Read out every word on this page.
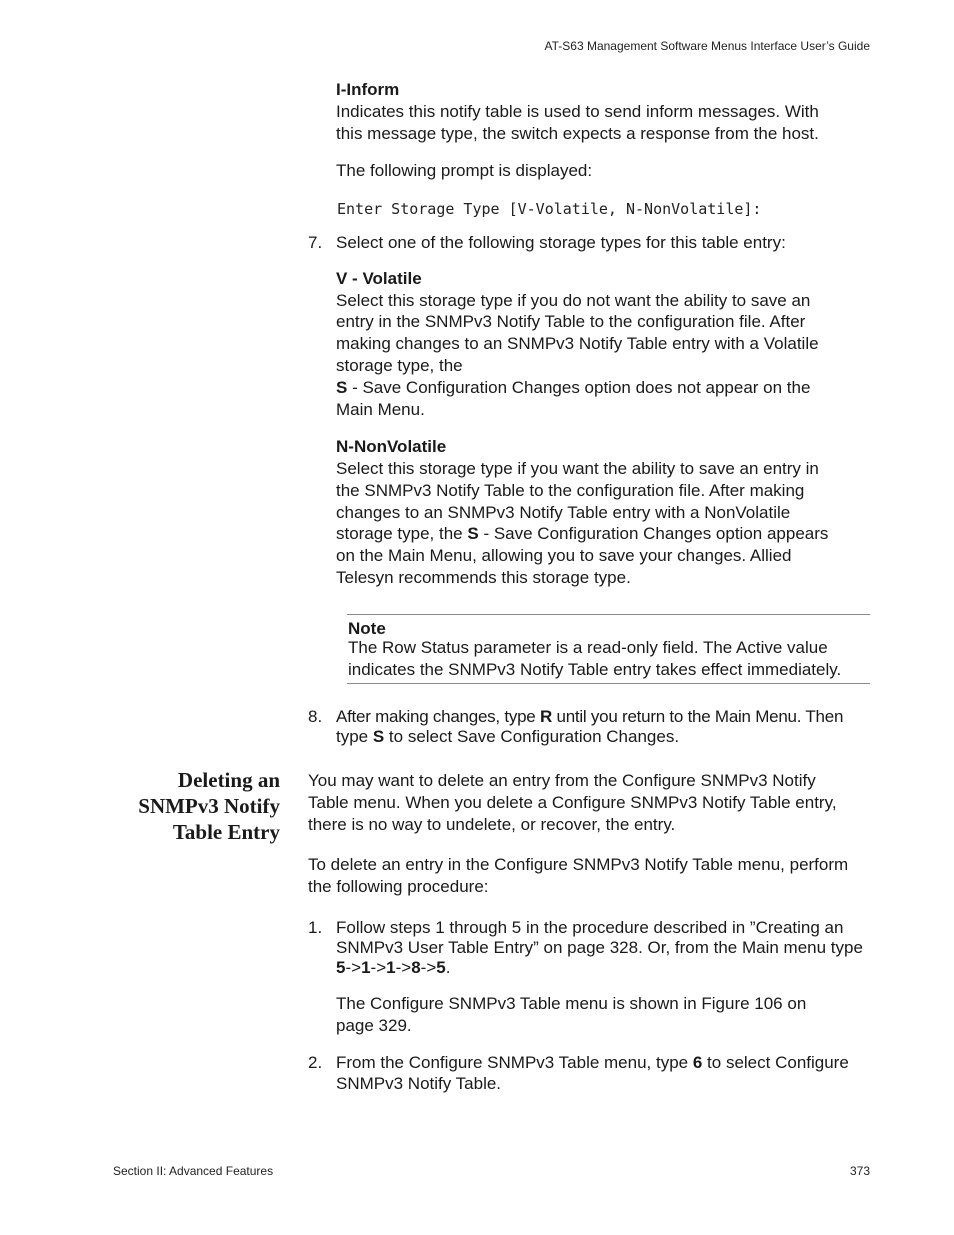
AT-S63 Management Software Menus Interface User’s Guide
I-Inform
Indicates this notify table is used to send inform messages. With
this message type, the switch expects a response from the host.
The following prompt is displayed:
Enter Storage Type [V-Volatile, N-NonVolatile]:
7. Select one of the following storage types for this table entry:
V - Volatile
Select this storage type if you do not want the ability to save an
entry in the SNMPv3 Notify Table to the configuration file. After
making changes to an SNMPv3 Notify Table entry with a Volatile
storage type, the
S - Save Configuration Changes option does not appear on the
Main Menu.
N-NonVolatile
Select this storage type if you want the ability to save an entry in
the SNMPv3 Notify Table to the configuration file. After making
changes to an SNMPv3 Notify Table entry with a NonVolatile
storage type, the S - Save Configuration Changes option appears
on the Main Menu, allowing you to save your changes. Allied
Telesyn recommends this storage type.
Note
The Row Status parameter is a read-only field. The Active value
indicates the SNMPv3 Notify Table entry takes effect immediately.
8. After making changes, type R until you return to the Main Menu. Then
type S to select Save Configuration Changes.
Deleting an
SNMPv3 Notify
Table Entry
You may want to delete an entry from the Configure SNMPv3 Notify
Table menu. When you delete a Configure SNMPv3 Notify Table entry,
there is no way to undelete, or recover, the entry.
To delete an entry in the Configure SNMPv3 Notify Table menu, perform
the following procedure:
1. Follow steps 1 through 5 in the procedure described in ”Creating an
SNMPv3 User Table Entry” on page 328. Or, from the Main menu type
5->1->1->8->5.
The Configure SNMPv3 Table menu is shown in Figure 106 on
page 329.
2. From the Configure SNMPv3 Table menu, type 6 to select Configure
SNMPv3 Notify Table.
Section II: Advanced Features	373
